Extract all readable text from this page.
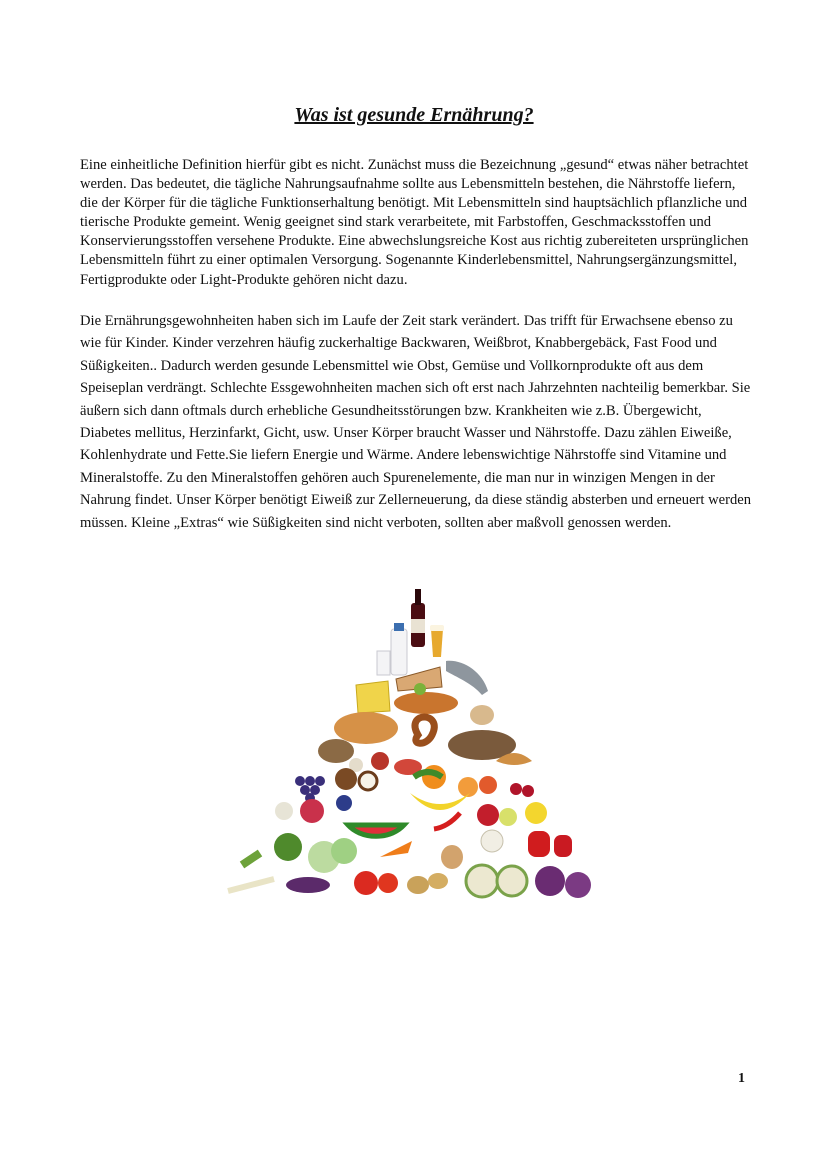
Was ist gesunde Ernährung?

Eine einheitliche Definition hierfür gibt es nicht. Zunächst muss die Bezeichnung „gesund“ etwas näher betrachtet werden. Das bedeutet, die tägliche Nahrungsaufnahme sollte aus Lebensmitteln bestehen, die Nährstoffe liefern, die der Körper für die tägliche Funktionserhaltung benötigt. Mit Lebensmitteln sind hauptsächlich pflanzliche und tierische Produkte gemeint. Wenig geeignet sind stark verarbeitete, mit Farbstoffen, Geschmacksstoffen und Konservierungsstoffen versehene Produkte. Eine abwechslungsreiche Kost aus richtig zubereiteten ursprünglichen Lebensmitteln führt zu einer optimalen Versorgung. Sogenannte Kinderlebensmittel, Nahrungsergänzungsmittel, Fertigprodukte oder Light-Produkte gehören nicht dazu.

Die Ernährungsgewohnheiten haben sich im Laufe der Zeit stark verändert. Das trifft für Erwachsene ebenso zu wie für Kinder. Kinder verzehren häufig zuckerhaltige Backwaren, Weißbrot, Knabbergebäck, Fast Food und Süßigkeiten.. Dadurch werden gesunde Lebensmittel wie Obst, Gemüse und Vollkornprodukte oft aus dem Speiseplan verdrängt. Schlechte Essgewohnheiten machen sich oft erst nach Jahrzehnten nachteilig bemerkbar. Sie äußern sich dann oftmals durch erhebliche Gesundheitsstörungen bzw. Krankheiten wie z.B. Übergewicht, Diabetes mellitus, Herzinfarkt, Gicht, usw. Unser Körper braucht Wasser und Nährstoffe. Dazu zählen Eiweiße, Kohlenhydrate und Fette.Sie liefern Energie und Wärme. Andere lebenswichtige Nährstoffe sind Vitamine und Mineralstoffe. Zu den Mineralstoffen gehören auch Spurenelemente, die man nur in winzigen Mengen in der Nahrung findet. Unser Körper benötigt Eiweiß zur Zellerneuerung, da diese ständig absterben und erneuert werden müssen. Kleine „Extras“ wie Süßigkeiten sind nicht verboten, sollten aber maßvoll genossen werden.

1
